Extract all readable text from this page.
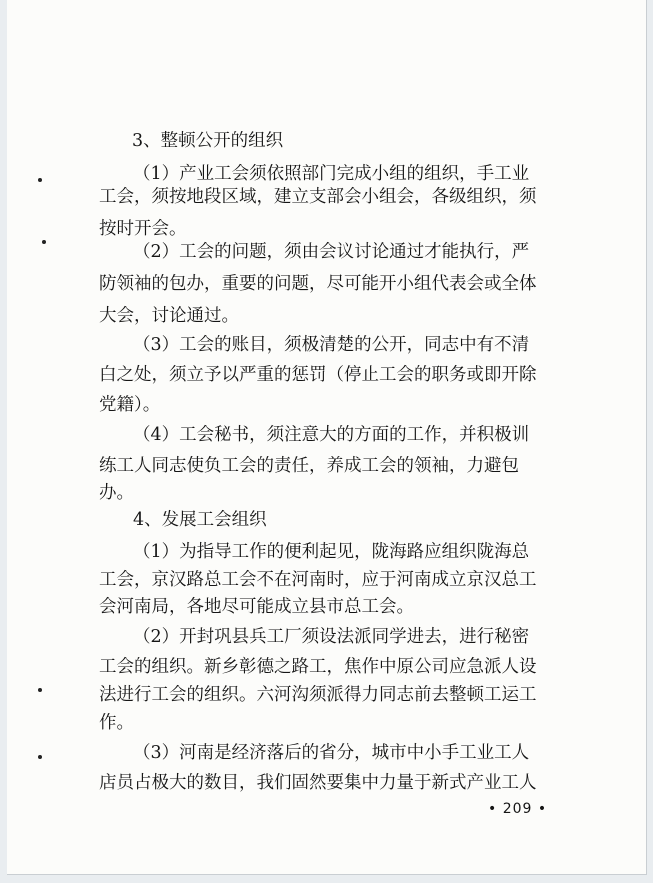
3、整顿公开的组织
（1）产业工会须依照部门完成小组的组织，手工业
工会，须按地段区域，建立支部会小组会，各级组织，须
按时开会。
（2）工会的问题，须由会议讨论通过才能执行，严
防领袖的包办，重要的问题，尽可能开小组代表会或全体
大会，讨论通过。
（3）工会的账目，须极清楚的公开，同志中有不清
白之处，须立予以严重的惩罚（停止工会的职务或即开除
党籍）。
（4）工会秘书，须注意大的方面的工作，并积极训
练工人同志使负工会的责任，养成工会的领袖，力避包
办。
4、发展工会组织
（1）为指导工作的便利起见，陇海路应组织陇海总
工会，京汉路总工会不在河南时，应于河南成立京汉总工
会河南局，各地尽可能成立县市总工会。
（2）开封巩县兵工厂须设法派同学进去，进行秘密
工会的组织。新乡彰德之路工，焦作中原公司应急派人设
法进行工会的组织。六河沟须派得力同志前去整顿工运工
作。
（3）河南是经济落后的省分，城市中小手工业工人
店员占极大的数目，我们固然要集中力量于新式产业工人
• 209 •
